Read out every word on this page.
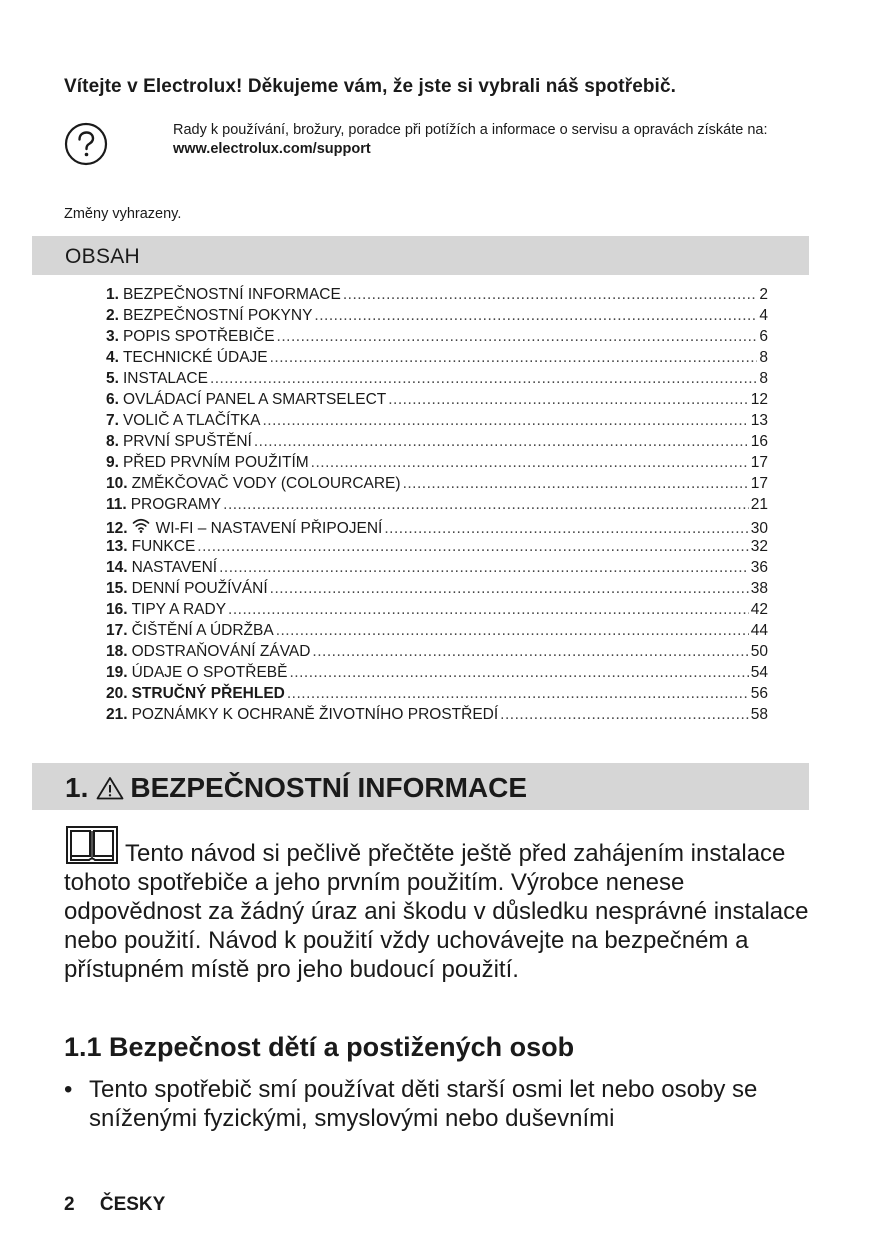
Vítejte v Electrolux! Děkujeme vám, že jste si vybrali náš spotřebič.
Rady k používání, brožury, poradce při potížích a informace o servisu a opravách získáte na:
www.electrolux.com/support
Změny vyhrazeny.
OBSAH
1. BEZPEČNOSTNÍ INFORMACE .....	2
2. BEZPEČNOSTNÍ POKYNY .....	4
3. POPIS SPOTŘEBIČE .....	6
4. TECHNICKÉ ÚDAJE .....	8
5. INSTALACE .....	8
6. OVLÁDACÍ PANEL A SMARTSELECT .....	12
7. VOLIČ A TLAČÍTKA .....	13
8. PRVNÍ SPUŠTĚNÍ .....	16
9. PŘED PRVNÍM POUŽITÍM .....	17
10. ZMĚKČOVAČ VODY (COLOURCARE) .....	17
11. PROGRAMY .....	21
12. WI-FI – NASTAVENÍ PŘIPOJENÍ .....	30
13. FUNKCE .....	32
14. NASTAVENÍ .....	36
15. DENNÍ POUŽÍVÁNÍ .....	38
16. TIPY A RADY .....	42
17. ČIŠTĚNÍ A ÚDRŽBA .....	44
18. ODSTRAŇOVÁNÍ ZÁVAD .....	50
19. ÚDAJE O SPOTŘEBĚ .....	54
20. STRUČNÝ PŘEHLED .....	56
21. POZNÁMKY K OCHRANĚ ŽIVOTNÍHO PROSTŘEDÍ .....	58
1. BEZPEČNOSTNÍ INFORMACE

Tento návod si pečlivě přečtěte ještě před zahájením instalace tohoto spotřebiče a jeho prvním použitím. Výrobce nenese odpovědnost za žádný úraz ani škodu v důsledku nesprávné instalace nebo použití. Návod k použití vždy uchovávejte na bezpečném a přístupném místě pro jeho budoucí použití.

1.1 Bezpečnost dětí a postižených osob
• Tento spotřebič smí používat děti starší osmi let nebo osoby se sníženými fyzickými, smyslovými nebo duševními
2 ČESKY
